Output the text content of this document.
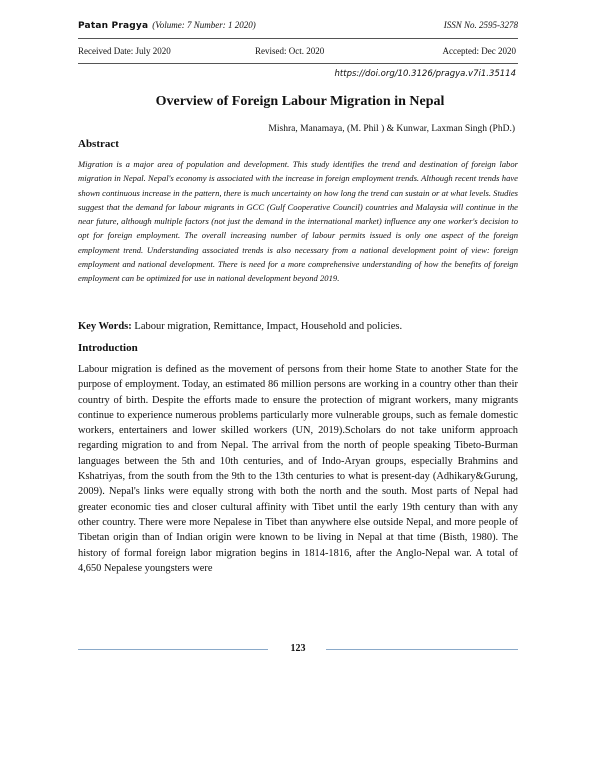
Patan Pragya (Volume: 7 Number: 1 2020)	ISSN No. 2595-3278
Received Date: July 2020	Revised: Oct. 2020	Accepted: Dec 2020
https://doi.org/10.3126/pragya.v7i1.35114
Overview of Foreign Labour Migration in Nepal
Mishra, Manamaya, (M. Phil ) & Kunwar, Laxman Singh (PhD.)
Abstract
Migration is a major area of population and development. This study identifies the trend and destination of foreign labor migration in Nepal. Nepal's economy is associated with the increase in foreign employment trends. Although recent trends have shown continuous increase in the pattern, there is much uncertainty on how long the trend can sustain or at what levels. Studies suggest that the demand for labour migrants in GCC (Gulf Cooperative Council) countries and Malaysia will continue in the near future, although multiple factors (not just the demand in the international market) influence any one worker's decision to opt for foreign employment. The overall increasing number of labour permits issued is only one aspect of the foreign employment trend. Understanding associated trends is also necessary from a national development point of view: foreign employment and national development. There is need for a more comprehensive understanding of how the benefits of foreign employment can be optimized for use in national development beyond 2019.
Key Words: Labour migration, Remittance, Impact, Household and policies.
Introduction
Labour migration is defined as the movement of persons from their home State to another State for the purpose of employment. Today, an estimated 86 million persons are working in a country other than their country of birth. Despite the efforts made to ensure the protection of migrant workers, many migrants continue to experience numerous problems particularly more vulnerable groups, such as female domestic workers, entertainers and lower skilled workers (UN, 2019).Scholars do not take uniform approach regarding migration to and from Nepal. The arrival from the north of people speaking Tibeto-Burman languages between the 5th and 10th centuries, and of Indo-Aryan groups, especially Brahmins and Kshatriyas, from the south from the 9th to the 13th centuries to what is present-day (Adhikary&Gurung, 2009). Nepal's links were equally strong with both the north and the south. Most parts of Nepal had greater economic ties and closer cultural affinity with Tibet until the early 19th century than with any other country. There were more Nepalese in Tibet than anywhere else outside Nepal, and more people of Tibetan origin than of Indian origin were known to be living in Nepal at that time (Bisth, 1980). The history of formal foreign labor migration begins in 1814-1816, after the Anglo-Nepal war. A total of 4,650 Nepalese youngsters were
123
